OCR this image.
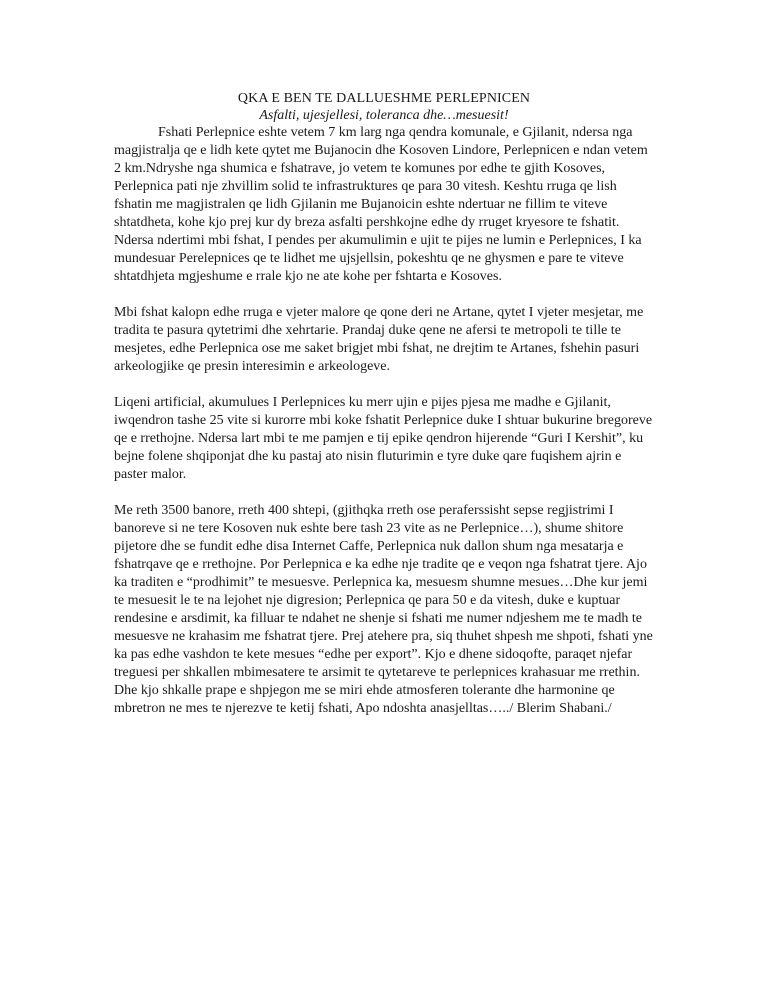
QKA E BEN TE DALLUESHME PERLEPNICEN

Asfalti, ujesjellesi, toleranca dhe…mesuesit!

Fshati Perlepnice eshte vetem 7 km larg nga qendra komunale, e Gjilanit, ndersa nga magjistralja qe e lidh kete qytet me Bujanocin dhe Kosoven Lindore, Perlepnicen e ndan vetem 2 km.Ndryshe nga shumica e fshatrave, jo vetem te komunes por edhe te gjith Kosoves, Perlepnica pati nje zhvillim solid te infrastruktures qe para 30 vitesh. Keshtu rruga qe lish fshatin me magjistralen qe lidh Gjilanin me Bujanoicin eshte ndertuar ne fillim te viteve shtatdheta, kohe kjo prej kur dy breza asfalti pershkojne edhe dy rruget kryesore te fshatit. Ndersa ndertimi mbi fshat, I pendes per akumulimin e ujit te pijes ne lumin e Perlepnices, I ka mundesuar Perelepnices qe te lidhet me ujsjellsin, pokeshtu qe ne ghysmen e pare te viteve shtatdhjeta mgjeshume e rrale kjo ne ate kohe per fshtarta e Kosoves.

Mbi fshat kalopn edhe rruga e vjeter malore qe qone deri ne Artane, qytet I vjeter mesjetar, me tradita te pasura qytetrimi dhe xehrtarie. Prandaj duke qene ne afersi te metropoli te tille te mesjetes, edhe Perlepnica ose me saket brigjet mbi fshat, ne drejtim te Artanes, fshehin pasuri arkeologjike qe presin interesimin e arkeologeve.

Liqeni artificial, akumulues I Perlepnices ku merr ujin e pijes pjesa me madhe e Gjilanit, iwqendron tashe 25 vite si kurorre mbi koke fshatit Perlepnice duke I shtuar bukurine bregoreve qe e rrethojne. Ndersa lart mbi te me pamjen e tij epike qendron hijerende “Guri I Kershit”, ku bejne folene shqiponjat dhe ku pastaj ato nisin fluturimin e tyre duke qare fuqishem ajrin e paster malor.

Me reth 3500 banore, rreth 400 shtepi, (gjithqka rreth ose peraferssisht sepse regjistrimi I banoreve si ne tere Kosoven nuk eshte bere tash 23 vite as ne Perlepnice…), shume shitore pijetore dhe se fundit edhe disa Internet Caffe, Perlepnica nuk dallon shum nga mesatarja e fshatrqave qe e rrethojne. Por Perlepnica e ka edhe nje tradite qe e veqon nga fshatrat tjere. Ajo ka traditen e “prodhimit” te mesuesve. Perlepnica ka, mesuesm shumne mesues…Dhe kur jemi te mesuesit le te na lejohet nje digresion; Perlepnica qe para 50 e da vitesh, duke e kuptuar rendesine e arsdimit, ka filluar te ndahet ne shenje si fshati me numer ndjeshem me te madh te mesuesve ne krahasim me fshatrat tjere. Prej atehere pra, siq thuhet shpesh me shpoti, fshati yne ka pas edhe vashdon te kete mesues “edhe per export”. Kjo e dhene sidoqofte, paraqet njefar treguesi per shkallen mbimesatere te arsimit te qytetareve te perlepnices krahasuar me rrethin. Dhe kjo shkalle prape e shpjegon me se miri ehde atmosferen tolerante dhe harmonine qe mbretron ne mes te njerezve te ketij fshati, Apo ndoshta anasjelltas…../ Blerim Shabani./
